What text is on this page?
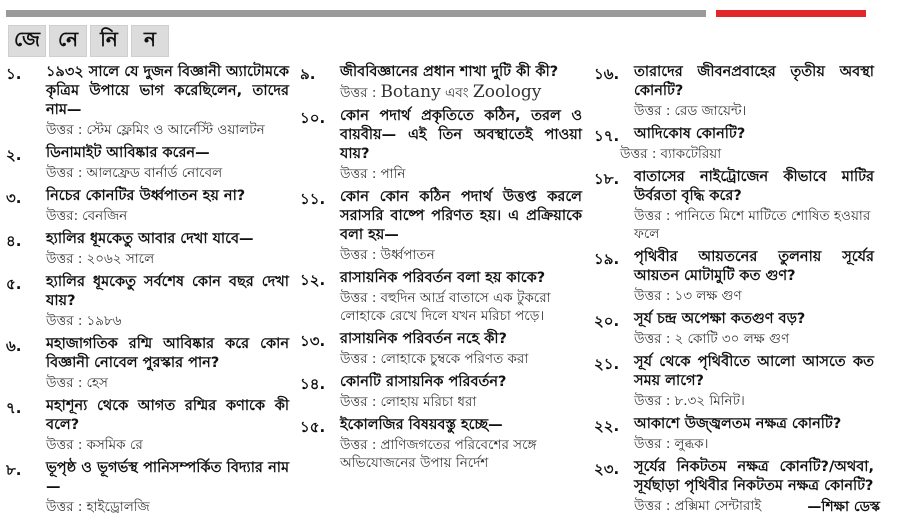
জে নে	নি	ন
১. ১৯৩২ সালে যে দুজন বিজ্ঞানী অ্যাটোমকে কৃত্রিম উপায়ে ভাগ করেছিলেন, তাদের নাম—
উত্তর : স্টেম ফ্লেমিং ও আর্নেস্টি ওয়ালটন
২. ডিনামাইট আবিষ্কার করেন—
উত্তর : আলফ্রেড বার্নার্ড নোবেল
৩. নিচের কোনটির উর্ধ্বপাতন হয় না?
উত্তর: বেনজিন
৪. হ্যালির ধূমকেতু আবার দেখা যাবে—
উত্তর : ২০৬২ সালে
৫. হ্যালির ধূমকেতু সর্বশেষ কোন বছর দেখা যায়?
উত্তর : ১৯৮৬
৬. মহাজাগতিক রশ্মি আবিষ্কার করে কোন বিজ্ঞানী নোবেল পুরস্কার পান?
উত্তর : হেস
৭. মহাশূন্য থেকে আগত রশ্মির কণাকে কী বলে?
উত্তর : কসমিক রে
৮. ভূপৃষ্ঠ ও ভূগর্ভস্থ পানিসম্পর্কিত বিদ্যার নাম—
উত্তর : হাইড্রোলজি
৯. জীববিজ্ঞানের প্রধান শাখা দুটি কী কী?
উত্তর : Botany এবং Zoology
১০. কোন পদার্থ প্রকৃতিতে কঠিন, তরল ও বায়বীয়— এই তিন অবস্থাতেই পাওয়া যায়?
উত্তর : পানি
১১. কোন কোন কঠিন পদার্থ উত্তপ্ত করলে সরাসরি বাষ্পে পরিণত হয়। এ প্রক্রিয়াকে বলা হয়—
উত্তর : উর্ধ্বপাতন
১২. রাসায়নিক পরিবর্তন বলা হয় কাকে?
উত্তর : বহুদিন আর্দ্র বাতাসে এক টুকরো লোহাকে রেখে দিলে যখন মরিচা পড়ে।
১৩. রাসায়নিক পরিবর্তন নহে কী?
উত্তর : লোহাকে চুম্বকে পরিণত করা
১৪. কোনটি রাসায়নিক পরিবর্তন?
উত্তর : লোহায় মরিচা ধরা
১৫. ইকোলজির বিষয়বস্তু হচ্ছে—
উত্তর : প্রাণিজগতের পরিবেশের সঙ্গে অভিযোজনের উপায় নির্দেশ
১৬. তারাদের জীবনপ্রবাহের তৃতীয় অবস্থা কোনটি?
উত্তর : রেড জায়েন্ট।
১৭. আদিকোষ কোনটি?
উত্তর : ব্যাকটেরিয়া
১৮. বাতাসের নাইট্রোজেন কীভাবে মাটির উর্বরতা বৃদ্ধি করে?
উত্তর : পানিতে মিশে মাটিতে শোষিত হওয়ার ফলে
১৯. পৃথিবীর আয়তনের তুলনায় সূর্যের আয়তন মোটামুটি কত গুণ?
উত্তর : ১৩ লক্ষ গুণ
২০. সূর্য চন্দ্র অপেক্ষা কতগুণ বড়?
উত্তর : ২ কোটি ৩০ লক্ষ গুণ
২১. সূর্য থেকে পৃথিবীতে আলো আসতে কত সময় লাগে?
উত্তর : ৮.৩২ মিনিট।
২২. আকাশে উজ্জ্বলতম নক্ষত্র কোনটি?
উত্তর : লুব্ধক।
২৩. সূর্যের নিকটতম নক্ষত্র কোনটি?/অথবা, সূর্যছাড়া পৃথিবীর নিকটতম নক্ষত্র কোনটি?
উত্তর : প্রক্সিমা সেন্টারাই	—শিক্ষা ডেস্ক
